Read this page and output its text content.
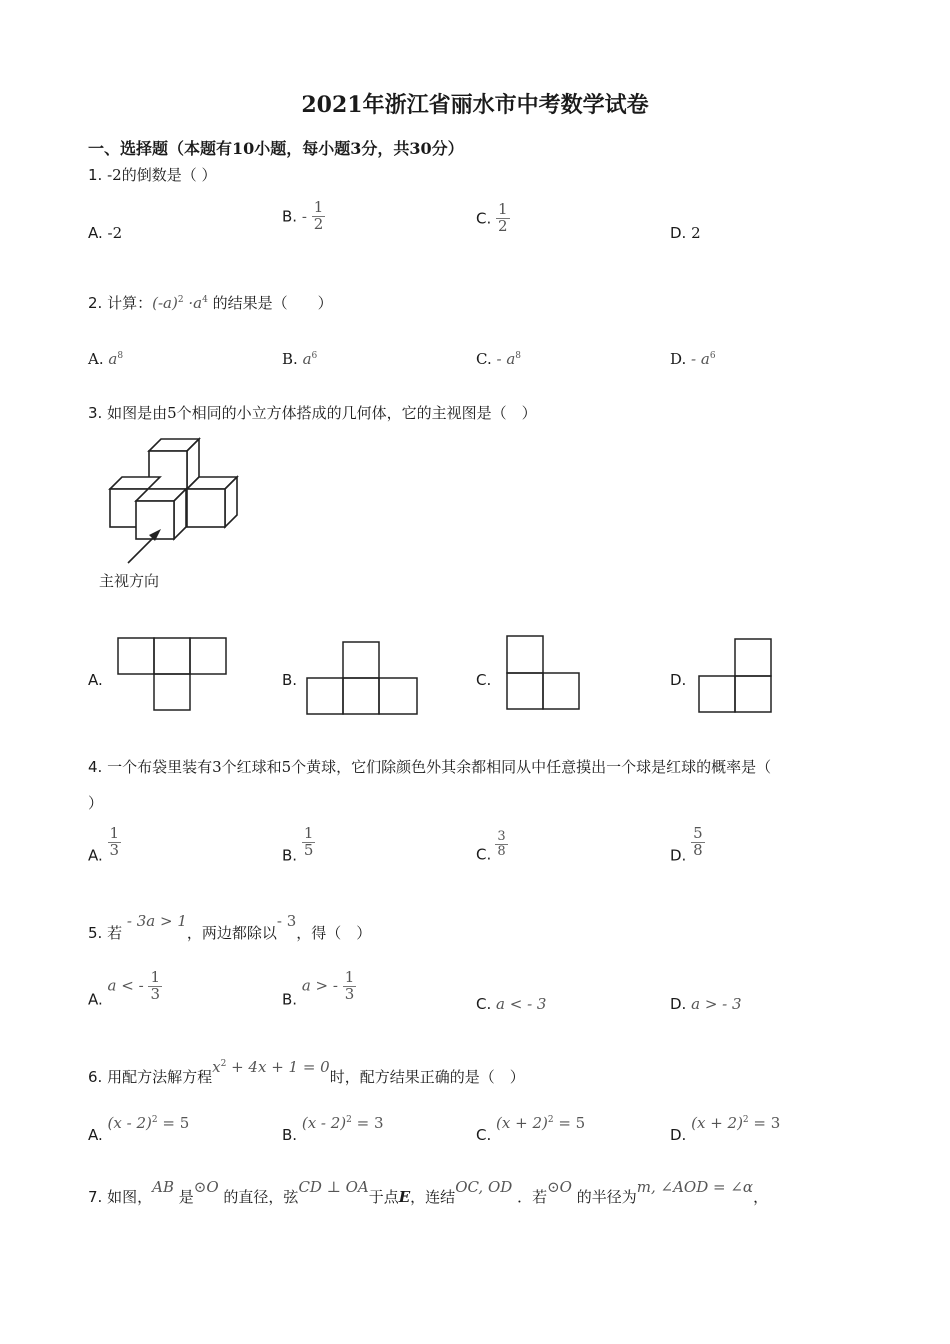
2021年浙江省丽水市中考数学试卷
一、选择题（本题有10小题，每小题3分，共30分）
1. -2的倒数是（ ）
A. -2
B. - $\frac{1}{2}$	C. $\frac{1}{2}$	D. 2
2. 计算：$(-a)^2 \cdot a^4$ 的结果是（　　）
A. $a^8$	B. $a^6$	C. - $a^8$	D. - $a^6$
3. 如图是由5个相同的小立方体搭成的几何体，它的主视图是（　）
主视方向
A.	B.	C.	D.
4. 一个布袋里装有3个红球和5个黄球，它们除颜色外其余都相同从中任意摸出一个球是红球的概率是（
）
A. $\frac{1}{3}$	B. $\frac{1}{5}$	C. $\frac{3}{8}$	D. $\frac{5}{8}$
5. 若 - 3a > 1，两边都除以- 3，得（　）
A. a < - $\frac{1}{3}$	B. a > - $\frac{1}{3}$
C. a < - 3	D. a > - 3
6. 用配方法解方程$x^2 + 4x + 1 = 0$时，配方结果正确的是（　）
A. (x - 2)$^2$ = 5
B. (x - 2)$^2$ = 3
C. $(x + 2)^2 = 5$
D. $(x + 2)^2 = 3$
7. 如图，AB 是⊙O 的直径，弦CD ⊥ OA于点E，连结OC, OD ．若⊙O 的半径为m, ∠AOD = ∠α，
